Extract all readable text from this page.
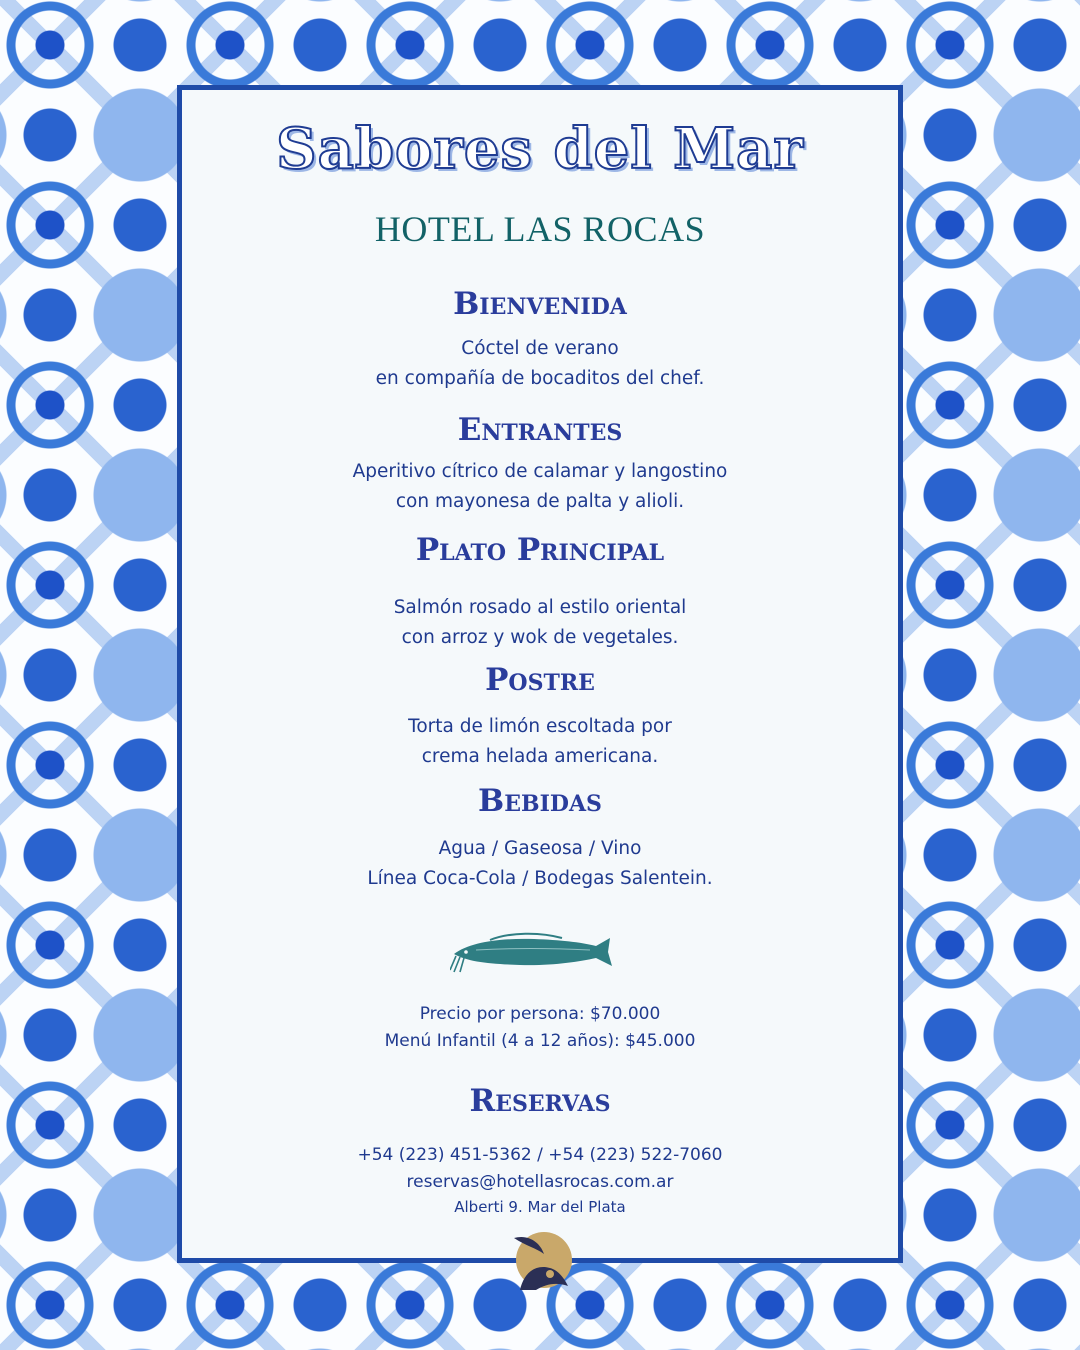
Sabores del Mar
HOTEL LAS ROCAS
Bienvenida
Cóctel de verano
en compañía de bocaditos del chef.
Entrantes
Aperitivo cítrico de calamar y langostino
con mayonesa de palta y alioli.
Plato Principal
Salmón rosado al estilo oriental
con arroz y wok de vegetales.
Postre
Torta de limón escoltada por
crema helada americana.
Bebidas
Agua / Gaseosa / Vino
Línea Coca-Cola / Bodegas Salentein.
Precio por persona: $70.000
Menú Infantil (4 a 12 años): $45.000
Reservas
+54 (223) 451-5362 / +54 (223) 522-7060
reservas@hotellasrocas.com.ar
Alberti 9. Mar del Plata
